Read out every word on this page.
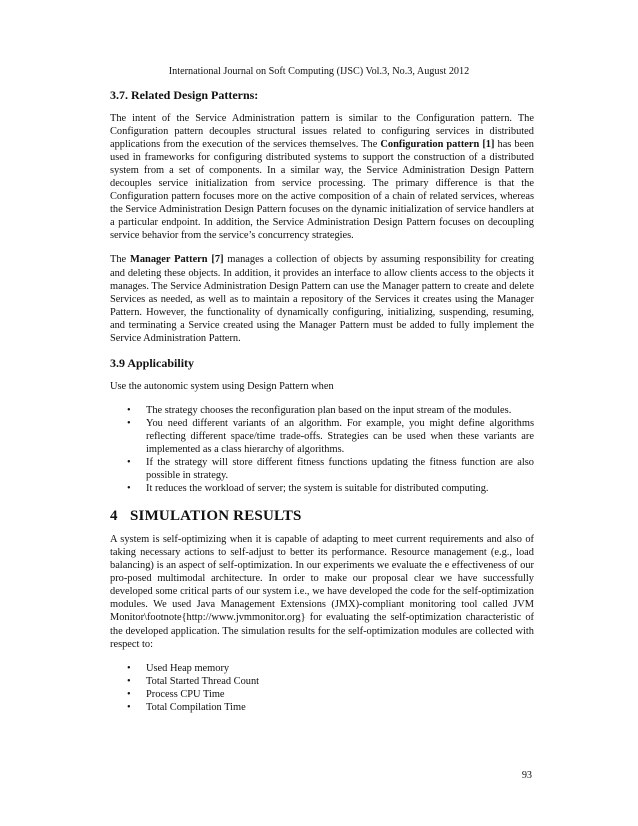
International Journal on Soft Computing (IJSC) Vol.3, No.3, August 2012
3.7. Related Design Patterns:

The intent of the Service Administration pattern is similar to the Configuration pattern. The Configuration pattern decouples structural issues related to configuring services in distributed applications from the execution of the services themselves. The Configuration pattern [1] has been used in frameworks for configuring distributed systems to support the construction of a distributed system from a set of components. In a similar way, the Service Administration Design Pattern decouples service initialization from service processing. The primary difference is that the Configuration pattern focuses more on the active composition of a chain of related services, whereas the Service Administration Design Pattern focuses on the dynamic initialization of service handlers at a particular endpoint. In addition, the Service Administration Design Pattern focuses on decoupling service behavior from the service’s concurrency strategies.

The Manager Pattern [7] manages a collection of objects by assuming responsibility for creating and deleting these objects. In addition, it provides an interface to allow clients access to the objects it manages. The Service Administration Design Pattern can use the Manager pattern to create and delete Services as needed, as well as to maintain a repository of the Services it creates using the Manager Pattern. However, the functionality of dynamically configuring, initializing, suspending, resuming, and terminating a Service created using the Manager Pattern must be added to fully implement the Service Administration Pattern.

3.9 Applicability

Use the autonomic system using Design Pattern when

• The strategy chooses the reconfiguration plan based on the input stream of the modules.
• You need different variants of an algorithm. For example, you might define algorithms reflecting different space/time trade-offs. Strategies can be used when these variants are implemented as a class hierarchy of algorithms.
• If the strategy will store different fitness functions updating the fitness function are also possible in strategy.
• It reduces the workload of server; the system is suitable for distributed computing.
4 SIMULATION RESULTS

A system is self-optimizing when it is capable of adapting to meet current requirements and also of taking necessary actions to self-adjust to better its performance. Resource management (e.g., load balancing) is an aspect of self-optimization. In our experiments we evaluate the e effectiveness of our pro-posed multimodal architecture. In order to make our proposal clear we have successfully developed some critical parts of our system i.e., we have developed the code for the self-optimization modules. We used Java Management Extensions (JMX)-compliant monitoring tool called JVM Monitor\footnote{http://www.jvmmonitor.org} for evaluating the self-optimization characteristic of the developed application. The simulation results for the self-optimization modules are collected with respect to:

• Used Heap memory
• Total Started Thread Count
• Process CPU Time
• Total Compilation Time
93
